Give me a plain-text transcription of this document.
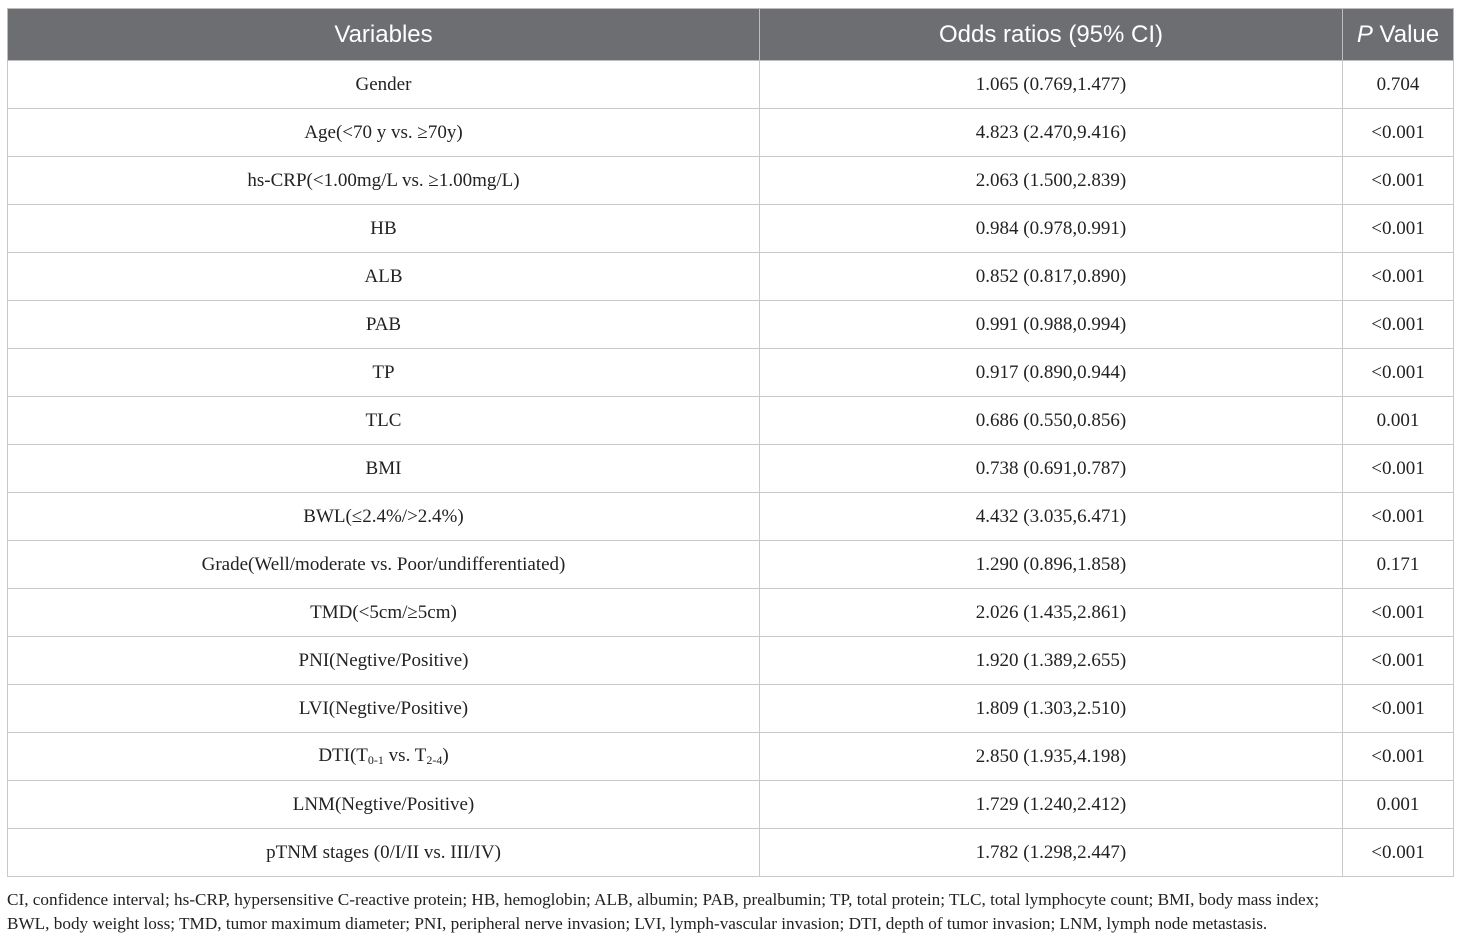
Variables	Odds ratios (95% CI)	P Value
Gender	1.065 (0.769,1.477)	0.704
Age(<70 y vs. ≥70y)	4.823 (2.470,9.416)	<0.001
hs-CRP(<1.00mg/L vs. ≥1.00mg/L)	2.063 (1.500,2.839)	<0.001
HB	0.984 (0.978,0.991)	<0.001
ALB	0.852 (0.817,0.890)	<0.001
PAB	0.991 (0.988,0.994)	<0.001
TP	0.917 (0.890,0.944)	<0.001
TLC	0.686 (0.550,0.856)	0.001
BMI	0.738 (0.691,0.787)	<0.001
BWL(≤2.4%/>2.4%)	4.432 (3.035,6.471)	<0.001
Grade(Well/moderate vs. Poor/undifferentiated)	1.290 (0.896,1.858)	0.171
TMD(<5cm/≥5cm)	2.026 (1.435,2.861)	<0.001
PNI(Negtive/Positive)	1.920 (1.389,2.655)	<0.001
LVI(Negtive/Positive)	1.809 (1.303,2.510)	<0.001
$DTI(T_{0-1}$ vs. $T_{2-4}$)	2.850 (1.935,4.198)	<0.001
LNM(Negtive/Positive)	1.729 (1.240,2.412)	0.001
pTNM stages (0/I/II vs. III/IV)	1.782 (1.298,2.447)	<0.001
CI, confidence interval; hs-CRP, hypersensitive C-reactive protein; HB, hemoglobin; ALB, albumin; PAB, prealbumin; TP, total protein; TLC, total lymphocyte count; BMI, body mass index;
BWL, body weight loss; TMD, tumor maximum diameter; PNI, peripheral nerve invasion; LVI, lymph-vascular invasion; DTI, depth of tumor invasion; LNM, lymph node metastasis.
